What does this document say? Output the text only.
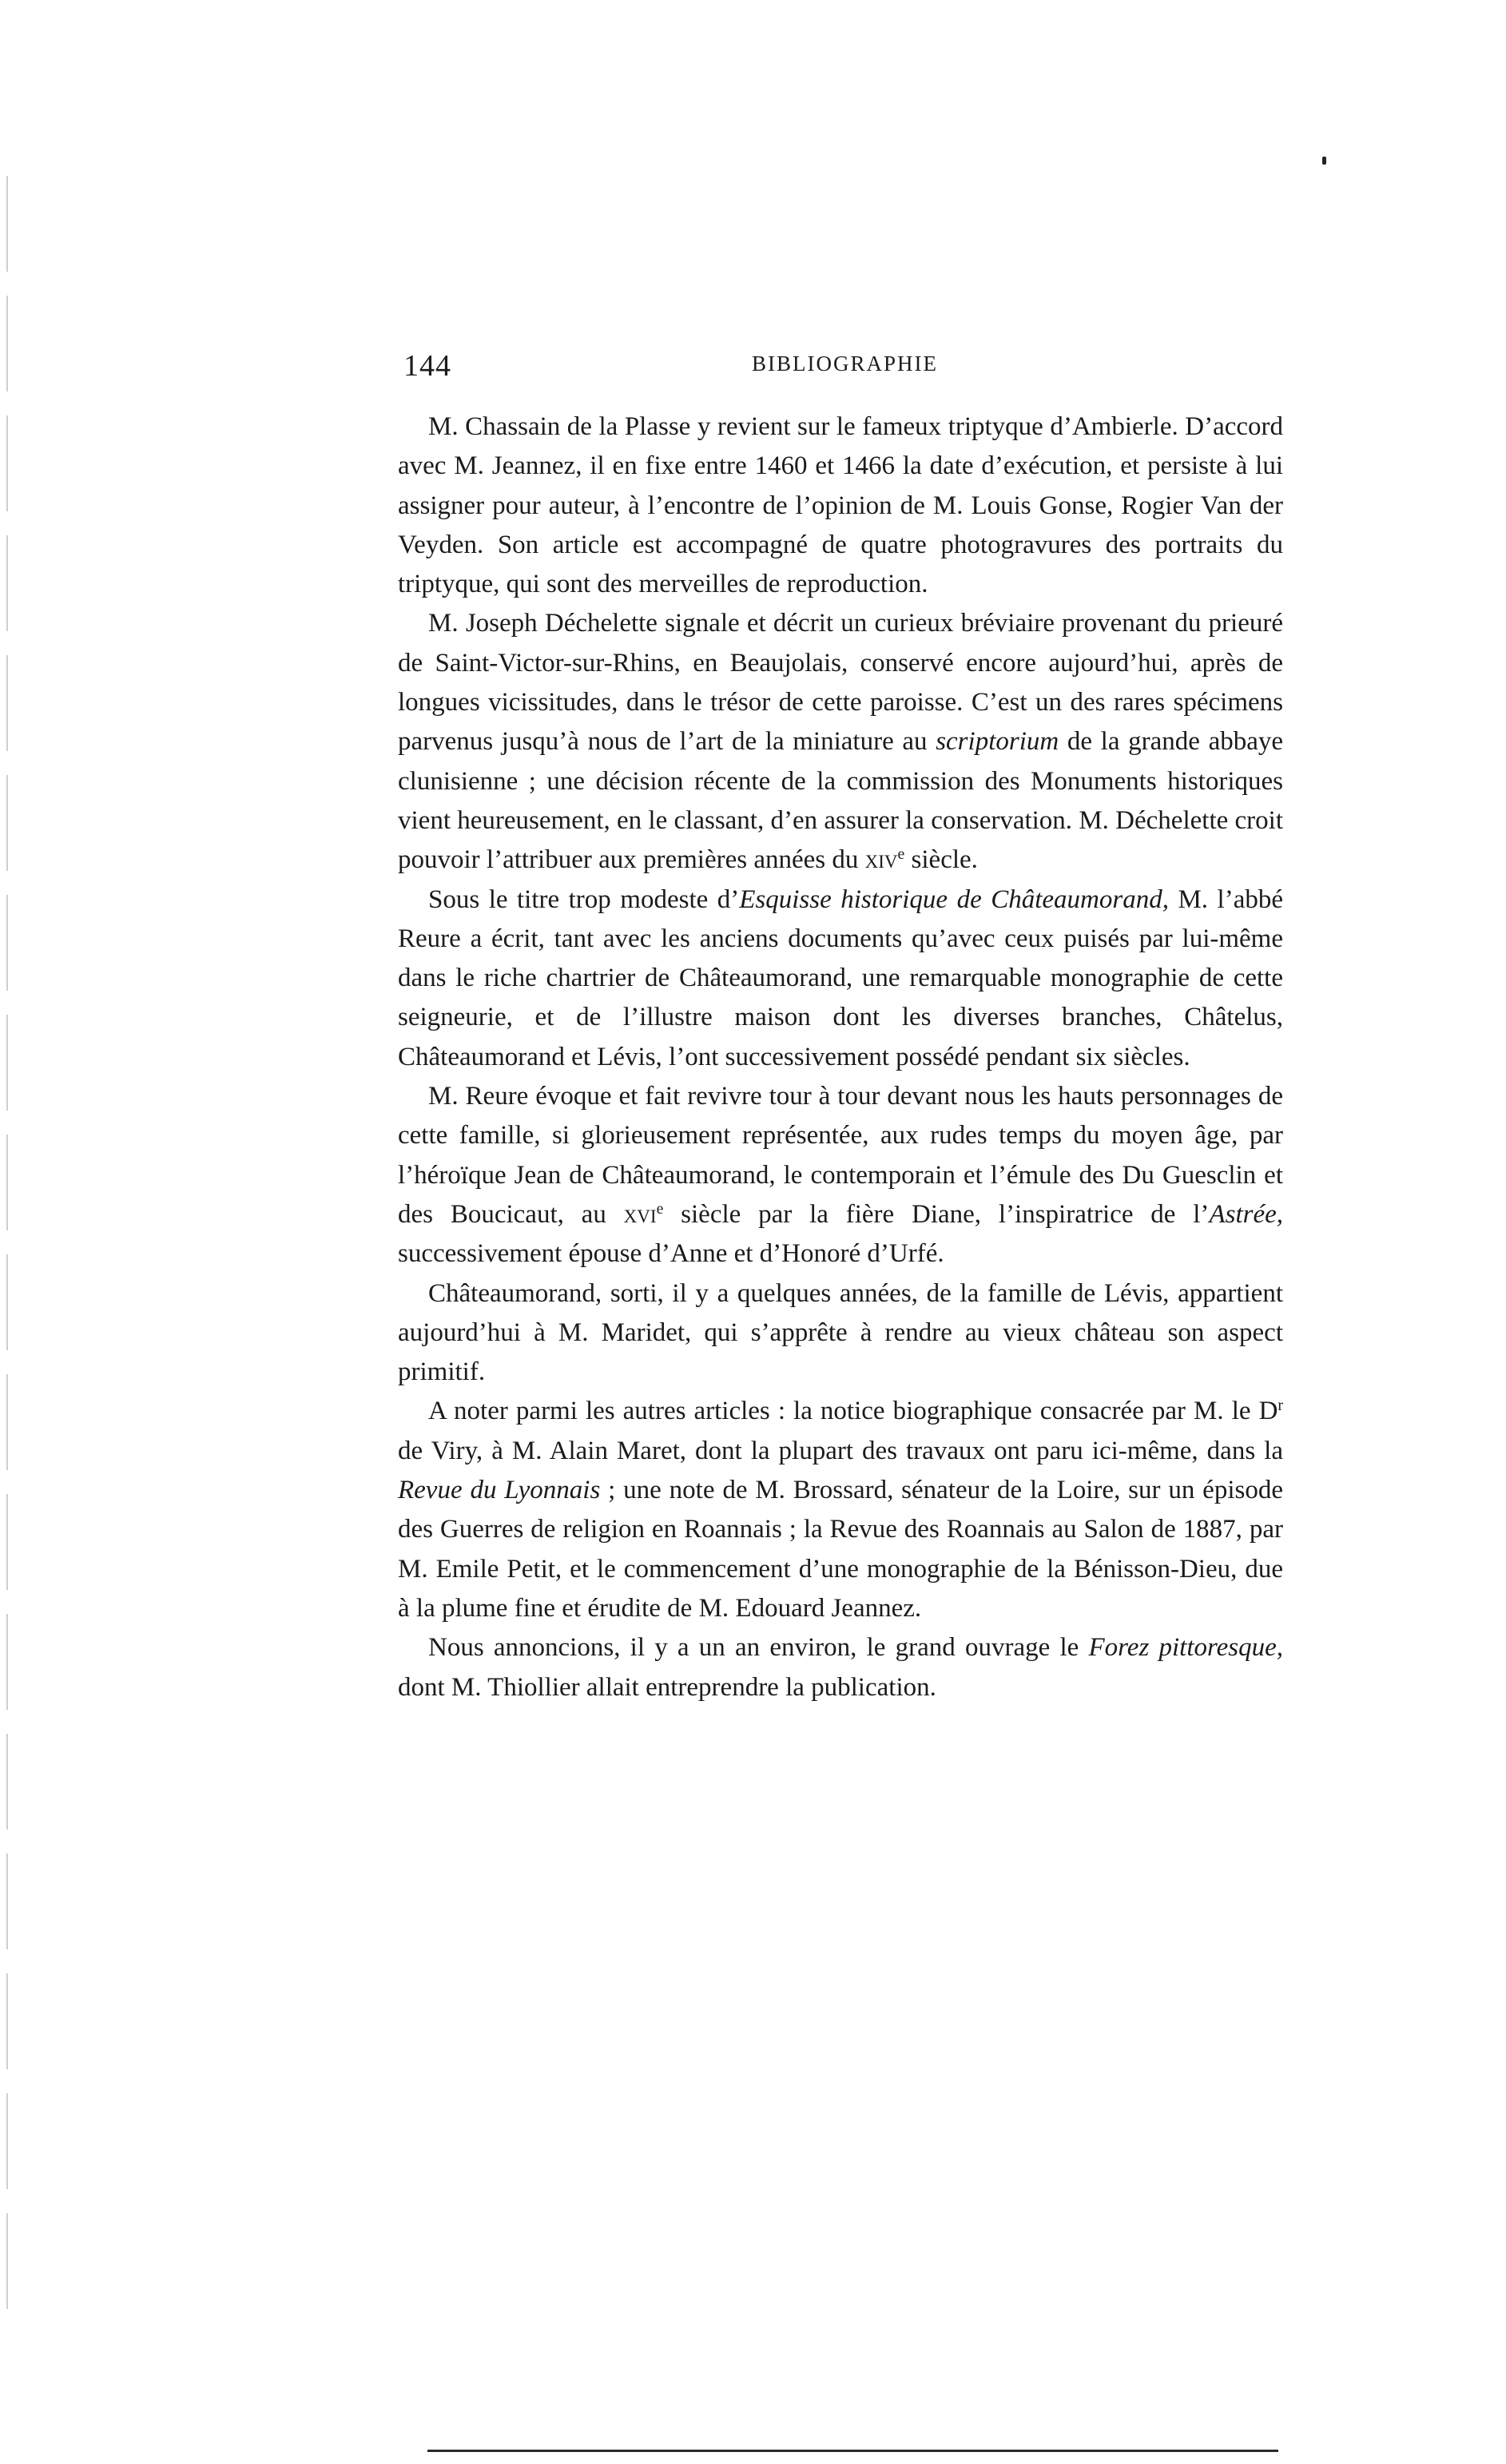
144	BIBLIOGRAPHIE

M. Chassain de la Plasse y revient sur le fameux triptyque d’Ambierle. D’accord avec M. Jeannez, il en fixe entre 1460 et 1466 la date d’exécution, et persiste à lui assigner pour auteur, à l’encontre de l’opinion de M. Louis Gonse, Rogier Van der Veyden. Son article est accompagné de quatre photogravures des portraits du triptyque, qui sont des merveilles de reproduction.

M. Joseph Déchelette signale et décrit un curieux bréviaire provenant du prieuré de Saint-Victor-sur-Rhins, en Beaujolais, conservé encore aujourd’hui, après de longues vicissitudes, dans le trésor de cette paroisse. C’est un des rares spécimens parvenus jusqu’à nous de l’art de la miniature au scriptorium de la grande abbaye clunisienne ; une décision récente de la commission des Monuments historiques vient heureusement, en le classant, d’en assurer la conservation. M. Déchelette croit pouvoir l’attribuer aux premières années du xiv$^e$ siècle.

Sous le titre trop modeste d’Esquisse historique de Châteaumorand, M. l’abbé Reure a écrit, tant avec les anciens documents qu’avec ceux puisés par lui-même dans le riche chartrier de Châteaumorand, une remarquable monographie de cette seigneurie, et de l’illustre maison dont les diverses branches, Châtelus, Châteaumorand et Lévis, l’ont successivement possédé pendant six siècles.

M. Reure évoque et fait revivre tour à tour devant nous les hauts personnages de cette famille, si glorieusement représentée, aux rudes temps du moyen âge, par l’héroïque Jean de Châteaumorand, le contemporain et l’émule des Du Guesclin et des Boucicaut, au xvi$^e$ siècle par la fière Diane, l’inspiratrice de l’Astrée, successivement épouse d’Anne et d’Honoré d’Urfé.

Châteaumorand, sorti, il y a quelques années, de la famille de Lévis, appartient aujourd’hui à M. Maridet, qui s’apprête à rendre au vieux château son aspect primitif.

A noter parmi les autres articles : la notice biographique consacrée par M. le $D^r$ de Viry, à M. Alain Maret, dont la plupart des travaux ont paru ici-même, dans la Revue du Lyonnais ; une note de M. Brossard, sénateur de la Loire, sur un épisode des Guerres de religion en Roannais ; la Revue des Roannais au Salon de 1887, par M. Emile Petit, et le commencement d’une monographie de la Bénisson-Dieu, due à la plume fine et érudite de M. Edouard Jeannez.

Nous annoncions, il y a un an environ, le grand ouvrage le Forez pittoresque, dont M. Thiollier allait entreprendre la publication.
